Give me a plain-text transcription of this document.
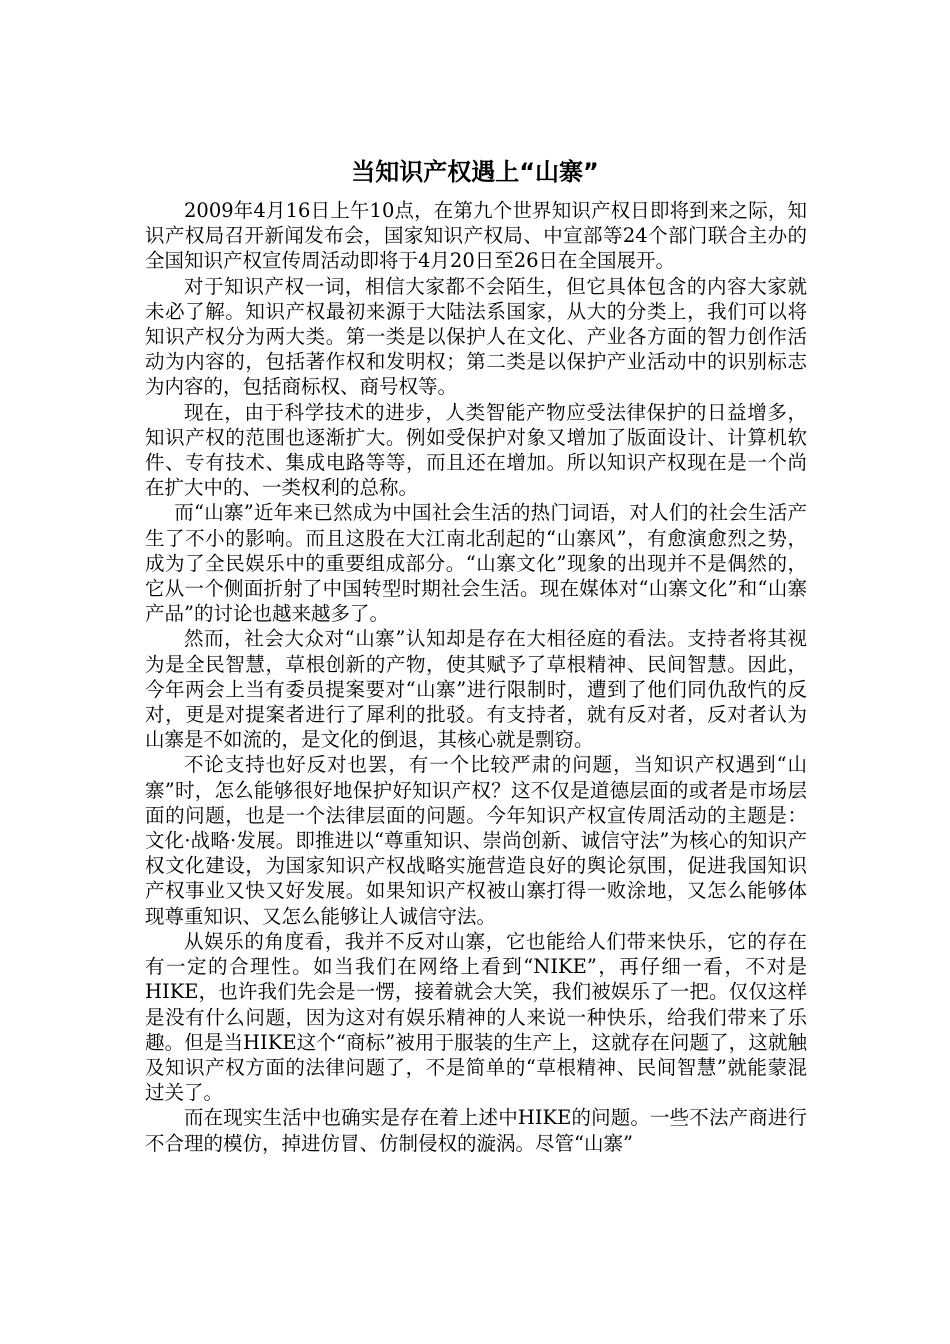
当知识产权遇上“山寨”

2009年4月16日上午10点，在第九个世界知识产权日即将到来之际，知识产权局召开新闻发布会，国家知识产权局、中宣部等24个部门联合主办的全国知识产权宣传周活动即将于4月20日至26日在全国展开。

对于知识产权一词，相信大家都不会陌生，但它具体包含的内容大家就未必了解。知识产权最初来源于大陆法系国家，从大的分类上，我们可以将知识产权分为两大类。第一类是以保护人在文化、产业各方面的智力创作活动为内容的，包括著作权和发明权；第二类是以保护产业活动中的识别标志为内容的，包括商标权、商号权等。

现在，由于科学技术的进步，人类智能产物应受法律保护的日益增多，知识产权的范围也逐渐扩大。例如受保护对象又增加了版面设计、计算机软件、专有技术、集成电路等等，而且还在增加。所以知识产权现在是一个尚在扩大中的、一类权利的总称。

而“山寨”近年来已然成为中国社会生活的热门词语，对人们的社会生活产生了不小的影响。而且这股在大江南北刮起的“山寨风”，有愈演愈烈之势，成为了全民娱乐中的重要组成部分。“山寨文化”现象的出现并不是偶然的，它从一个侧面折射了中国转型时期社会生活。现在媒体对“山寨文化”和“山寨产品”的讨论也越来越多了。

然而，社会大众对“山寨”认知却是存在大相径庭的看法。支持者将其视为是全民智慧，草根创新的产物，使其赋予了草根精神、民间智慧。因此，今年两会上当有委员提案要对“山寨”进行限制时，遭到了他们同仇敌忾的反对，更是对提案者进行了犀利的批驳。有支持者，就有反对者，反对者认为山寨是不如流的，是文化的倒退，其核心就是剽窃。

不论支持也好反对也罢，有一个比较严肃的问题，当知识产权遇到“山寨”时，怎么能够很好地保护好知识产权？这不仅是道德层面的或者是市场层面的问题，也是一个法律层面的问题。今年知识产权宣传周活动的主题是：文化·战略·发展。即推进以“尊重知识、崇尚创新、诚信守法”为核心的知识产权文化建设，为国家知识产权战略实施营造良好的舆论氛围，促进我国知识产权事业又快又好发展。如果知识产权被山寨打得一败涂地，又怎么能够体现尊重知识、又怎么能够让人诚信守法。

从娱乐的角度看，我并不反对山寨，它也能给人们带来快乐，它的存在有一定的合理性。如当我们在网络上看到“NIKE”，再仔细一看，不对是HIKE，也许我们先会是一愣，接着就会大笑，我们被娱乐了一把。仅仅这样是没有什么问题，因为这对有娱乐精神的人来说一种快乐，给我们带来了乐趣。但是当HIKE这个“商标”被用于服装的生产上，这就存在问题了，这就触及知识产权方面的法律问题了，不是简单的“草根精神、民间智慧”就能蒙混过关了。

而在现实生活中也确实是存在着上述中HIKE的问题。一些不法产商进行不合理的模仿，掉进仿冒、仿制侵权的漩涡。尽管“山寨”
